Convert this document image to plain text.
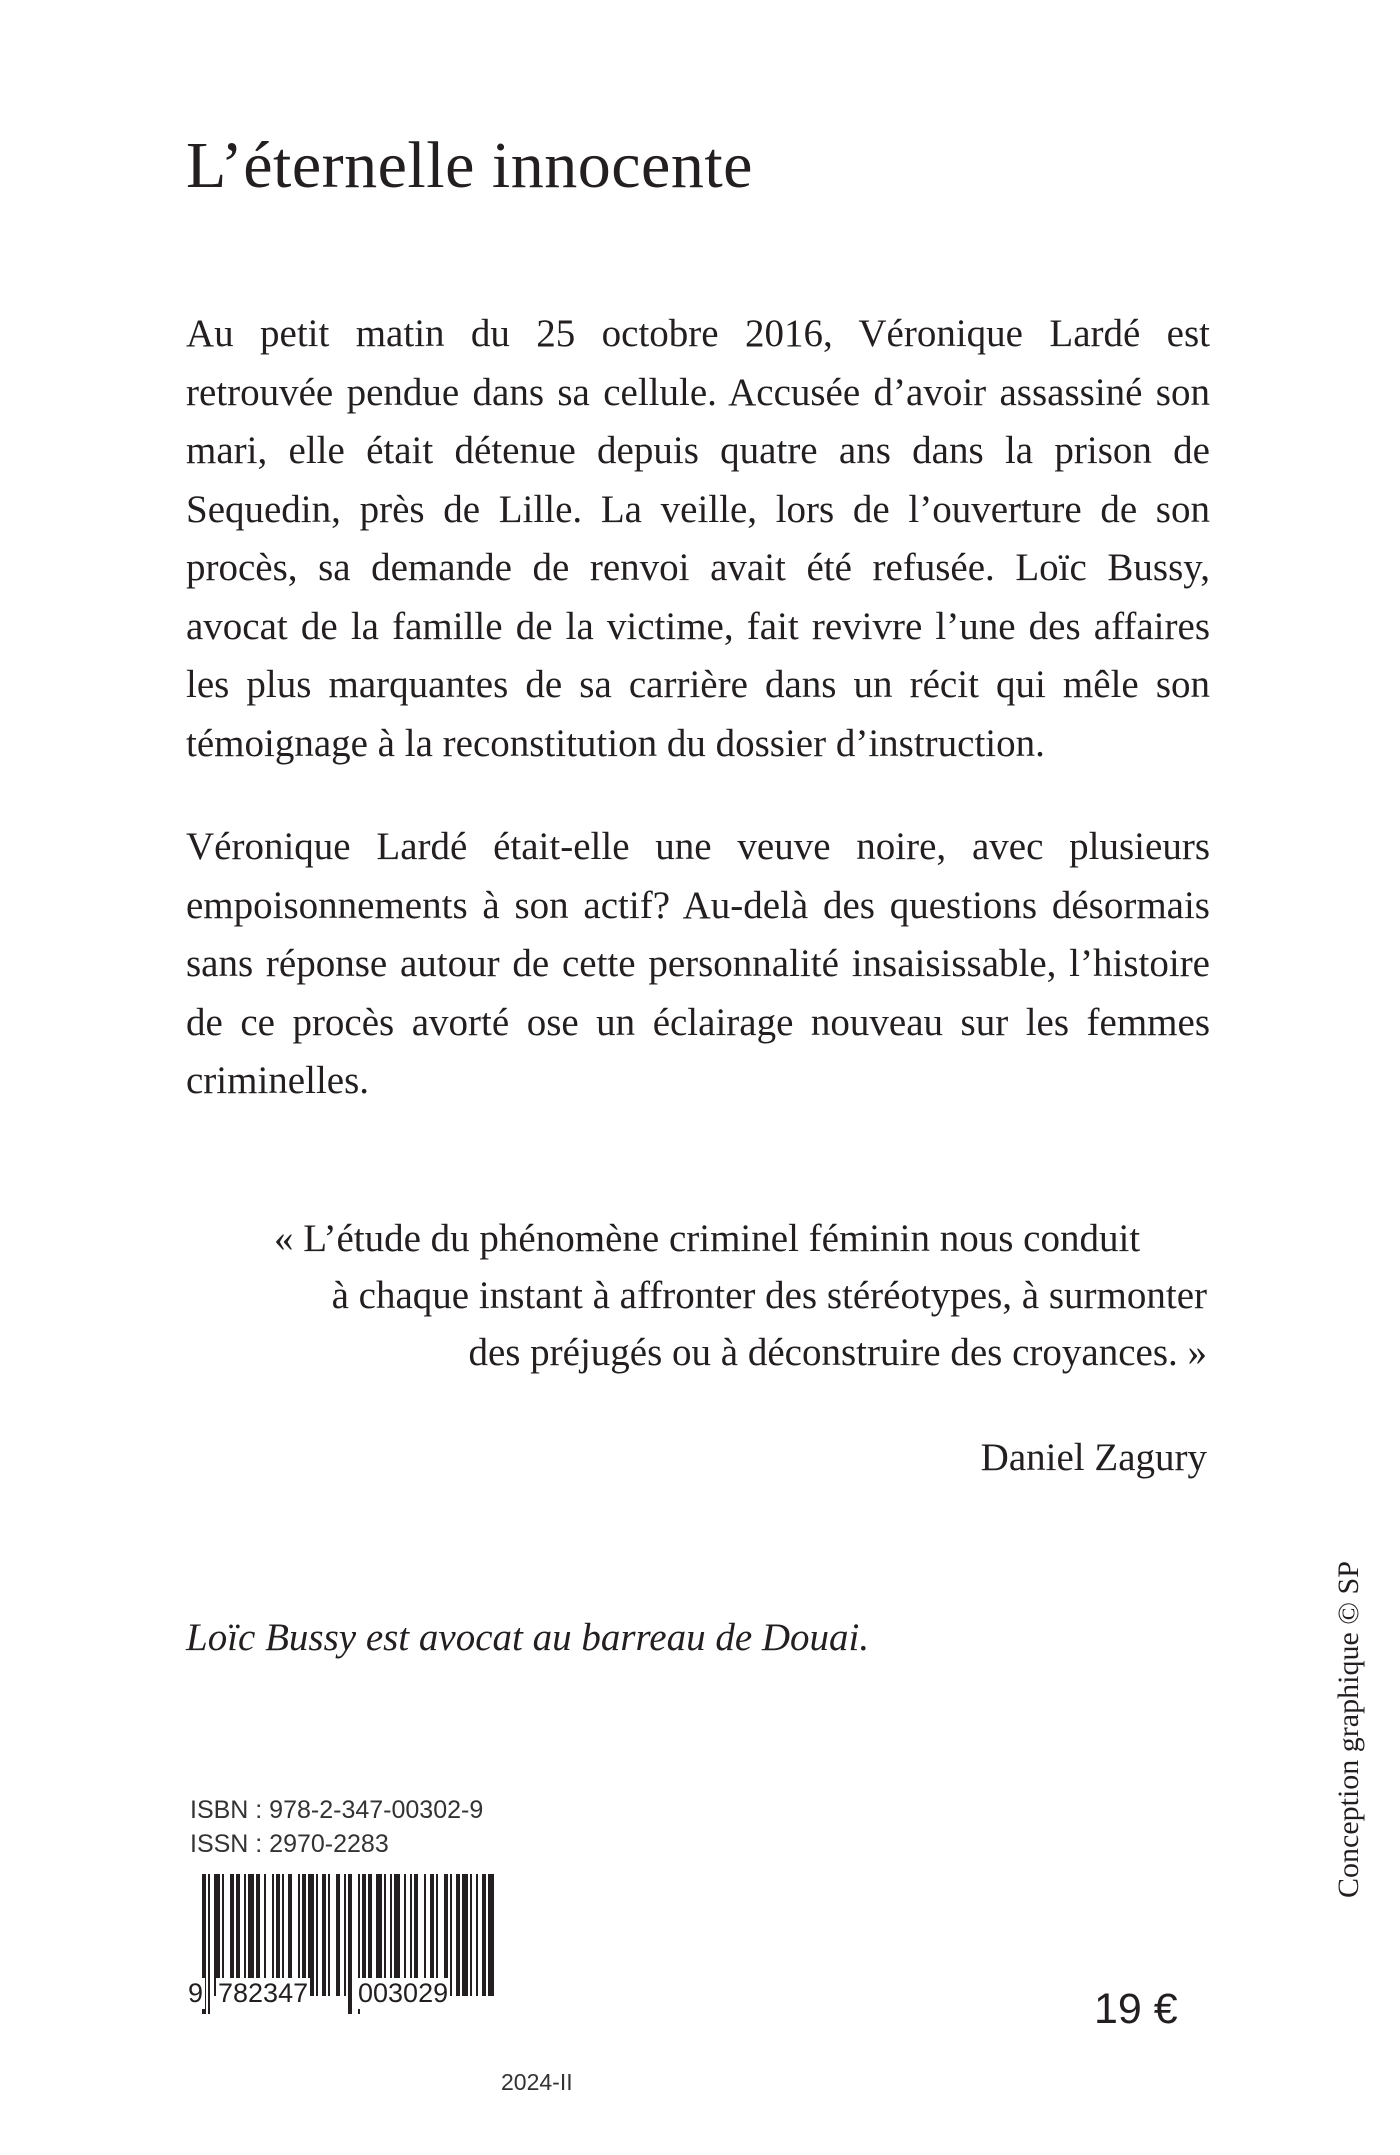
L’éternelle innocente

Au petit matin du 25 octobre 2016, Véronique Lardé est retrouvée pendue dans sa cellule. Accusée d’avoir assassiné son mari, elle était détenue depuis quatre ans dans la prison de Sequedin, près de Lille. La veille, lors de l’ouverture de son procès, sa demande de renvoi avait été refusée. Loïc Bussy, avocat de la famille de la victime, fait revivre l’une des affaires les plus marquantes de sa carrière dans un récit qui mêle son témoignage à la reconstitution du dossier d’instruction.

Véronique Lardé était-elle une veuve noire, avec plusieurs empoisonnements à son actif? Au-delà des questions désormais sans réponse autour de cette personnalité insaisissable, l’histoire de ce procès avorté ose un éclairage nouveau sur les femmes criminelles.

« L’étude du phénomène criminel féminin nous conduit
à chaque instant à affronter des stéréotypes, à surmonter
des préjugés ou à déconstruire des croyances. »

Daniel Zagury

Loïc Bussy est avocat au barreau de Douai.	Conception graphique © SP
ISBN : 978-2-347-00302-9
ISSN : 2970-2283
9 782347 003029	19 €
2024-II
